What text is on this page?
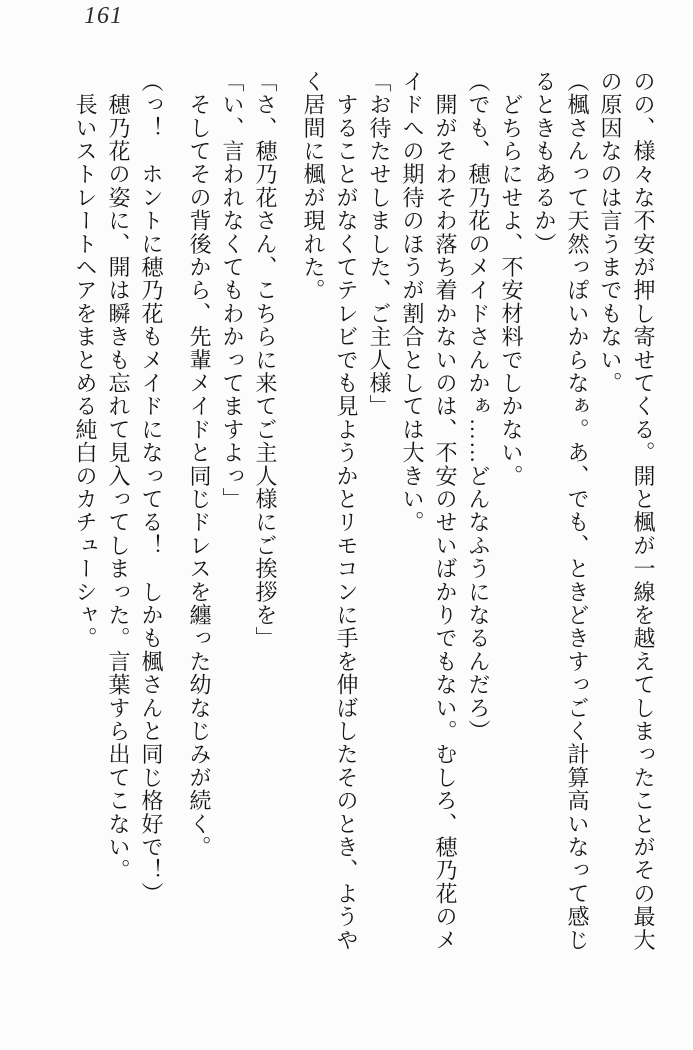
161

のの、様々な不安が押し寄せてくる。開と楓が一線を越えてしまったことがその最大

の原因なのは言うまでもない。

（楓さんって天然っぽいからなぁ。あ、でも、ときどきすっごく計算高いなって感じ

るときもあるか）

　どちらにせよ、不安材料でしかない。

（でも、穂乃花のメイドさんかぁ……どんなふうになるんだろ）

　開がそわそわ落ち着かないのは、不安のせいばかりでもない。むしろ、穂乃花のメ

イドへの期待のほうが割合としては大きい。

「お待たせしました、ご主人様」

　することがなくてテレビでも見ようかとリモコンに手を伸ばしたそのとき、ようや

く居間に楓が現れた。

「さ、穂乃花さん、こちらに来てご主人様にご挨拶を」

「い、言われなくてもわかってますよっ」

　そしてその背後から、先輩メイドと同じドレスを纏った幼なじみが続く。

（っ！　ホントに穂乃花もメイドになってる！　しかも楓さんと同じ格好で！）

　穂乃花の姿に、開は瞬きも忘れて見入ってしまった。言葉すら出てこない。

　長いストレートヘアをまとめる純白のカチューシャ。
